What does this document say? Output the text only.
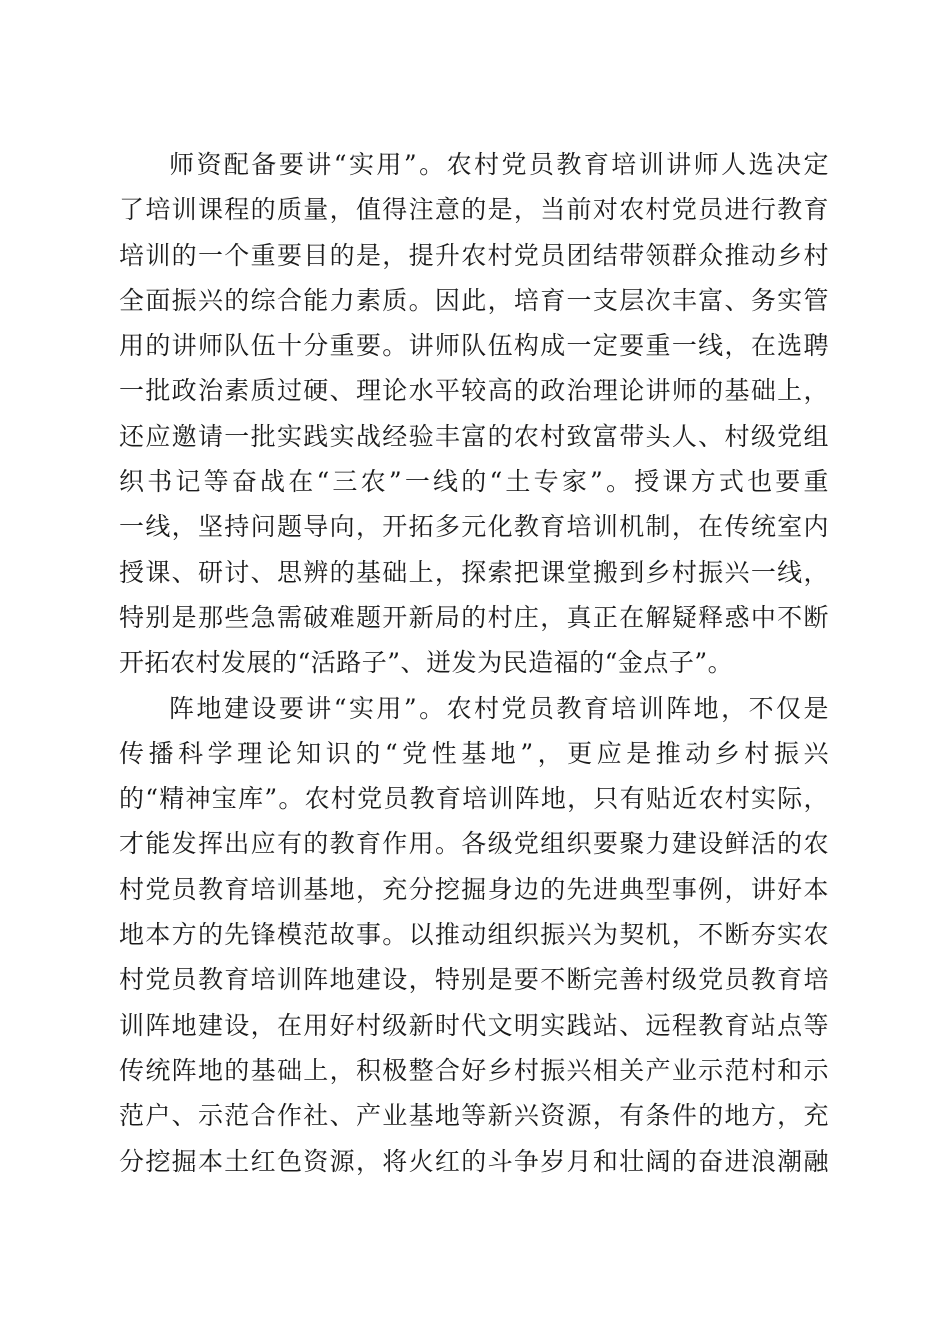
师资配备要讲“实用”。农村党员教育培训讲师人选决定
了培训课程的质量，值得注意的是，当前对农村党员进行教育
培训的一个重要目的是，提升农村党员团结带领群众推动乡村
全面振兴的综合能力素质。因此，培育一支层次丰富、务实管
用的讲师队伍十分重要。讲师队伍构成一定要重一线，在选聘
一批政治素质过硬、理论水平较高的政治理论讲师的基础上，
还应邀请一批实践实战经验丰富的农村致富带头人、村级党组
织书记等奋战在“三农”一线的“土专家”。授课方式也要重
一线，坚持问题导向，开拓多元化教育培训机制，在传统室内
授课、研讨、思辨的基础上，探索把课堂搬到乡村振兴一线，
特别是那些急需破难题开新局的村庄，真正在解疑释惑中不断
开拓农村发展的“活路子”、迸发为民造福的“金点子”。
阵地建设要讲“实用”。农村党员教育培训阵地，不仅是
传播科学理论知识的“党性基地”，更应是推动乡村振兴
的“精神宝库”。农村党员教育培训阵地，只有贴近农村实际，
才能发挥出应有的教育作用。各级党组织要聚力建设鲜活的农
村党员教育培训基地，充分挖掘身边的先进典型事例，讲好本
地本方的先锋模范故事。以推动组织振兴为契机，不断夯实农
村党员教育培训阵地建设，特别是要不断完善村级党员教育培
训阵地建设，在用好村级新时代文明实践站、远程教育站点等
传统阵地的基础上，积极整合好乡村振兴相关产业示范村和示
范户、示范合作社、产业基地等新兴资源，有条件的地方，充
分挖掘本土红色资源，将火红的斗争岁月和壮阔的奋进浪潮融
